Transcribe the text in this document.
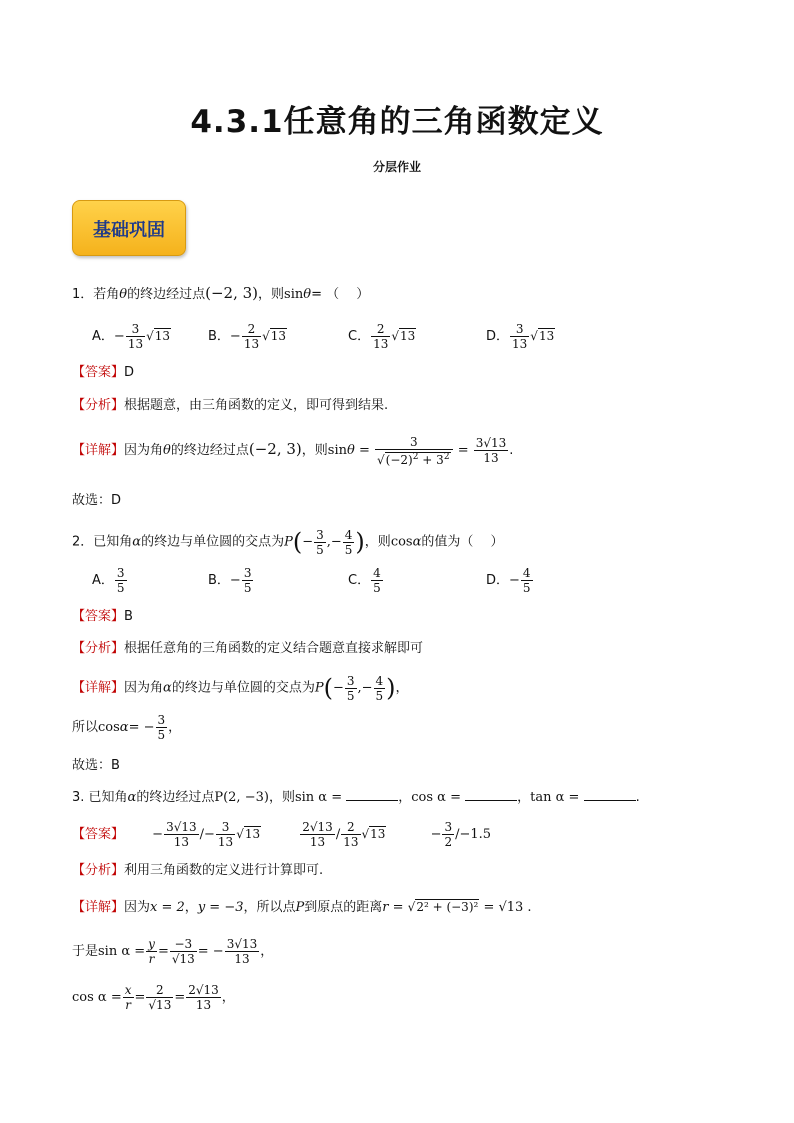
4.3.1任意角的三角函数定义
分层作业
基础巩固
1．若角θ的终边经过点(−2, 3)，则sinθ= （　 ）
A．− $\frac{3}{13} √13$	B．− $\frac{2}{13} √13$	C． $\frac{2}{13} √13$	D． $\frac{3}{13} √13$
【答案】D
【分析】根据题意，由三角函数的定义，即可得到结果.
【详解】因为角θ的终边经过点(−2, 3)，则$\sin\theta = \frac{3}{√(-2)^2 + 3^2} = \frac{3√13}{13}$ .
故选：D
2．已知角α的终边与单位圆的交点为$P(- \frac{3}{5}$ ,− $\frac{4}{5}$ )，则cosα的值为（　 ）
A． $\frac{3}{5}$	B．− $\frac{3}{5}$	C． $\frac{4}{5}$	D．− $\frac{4}{5}$
【答案】B
【分析】根据任意角的三角函数的定义结合题意直接求解即可
【详解】因为角α的终边与单位圆的交点为$P(- \frac{3}{5}$ ,− $\frac{4}{5}$ )，
所以$\cos\alpha= - \frac{3}{5}$ ，
故选：B
3. 已知角α的终边经过点P(2, −3)，则sin α =	，cos α =	，tan α =	.
【答案】 − $\frac{3√13}{13} /- \frac{3}{13} √13$	$\frac{2√13}{13} / \frac{2}{13} √13$	− $\frac{3}{2} /-1.5$
【分析】利用三角函数的定义进行计算即可.
【详解】因为x = 2，y = −3，所以点P到原点的距离r = √2² + (−3)² = √13 .
于是$\sin \alpha = \frac{y}{r} = \frac{-3}{√13}$ = − $\frac{3√13}{13}$ ，
$\cos \alpha = \frac{x}{r} = \frac{2}{√13} = \frac{2√13}{13}$ ，
